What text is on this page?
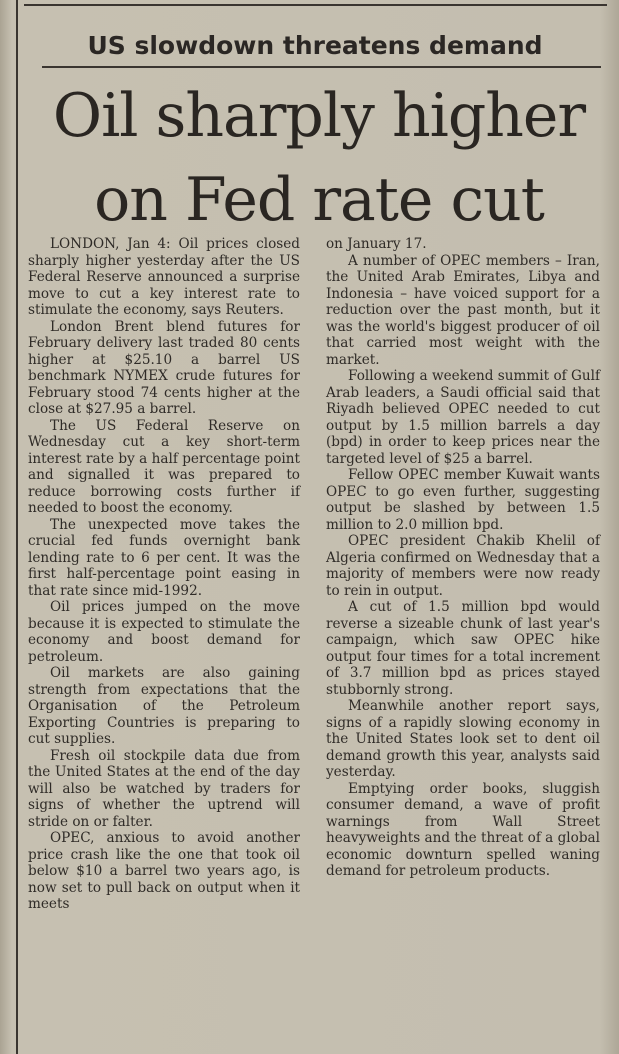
US slowdown threatens demand
Oil sharply higher
on Fed rate cut

LONDON, Jan 4: Oil prices closed sharply higher yesterday after the US Federal Reserve announced a surprise move to cut a key interest rate to stimulate the economy, says Reuters.

London Brent blend futures for February delivery last traded 80 cents higher at $25.10 a barrel US benchmark NYMEX crude futures for February stood 74 cents higher at the close at $27.95 a barrel.

The US Federal Reserve on Wednesday cut a key short-term interest rate by a half percentage point and signalled it was prepared to reduce borrowing costs further if needed to boost the economy.

The unexpected move takes the crucial fed funds overnight bank lending rate to 6 per cent. It was the first half-percentage point easing in that rate since mid-1992.

Oil prices jumped on the move because it is expected to stimulate the economy and boost demand for petroleum.

Oil markets are also gaining strength from expectations that the Organisation of the Petroleum Exporting Countries is preparing to cut supplies.

Fresh oil stockpile data due from the United States at the end of the day will also be watched by traders for signs of whether the uptrend will stride on or falter.

OPEC, anxious to avoid another price crash like the one that took oil below $10 a barrel two years ago, is now set to pull back on output when it meets

on January 17.

A number of OPEC members – Iran, the United Arab Emirates, Libya and Indonesia – have voiced support for a reduction over the past month, but it was the world's biggest producer of oil that carried most weight with the market.

Following a weekend summit of Gulf Arab leaders, a Saudi official said that Riyadh believed OPEC needed to cut output by 1.5 million barrels a day (bpd) in order to keep prices near the targeted level of $25 a barrel.

Fellow OPEC member Kuwait wants OPEC to go even further, suggesting output be slashed by between 1.5 million to 2.0 million bpd.

OPEC president Chakib Khelil of Algeria confirmed on Wednesday that a majority of members were now ready to rein in output.

A cut of 1.5 million bpd would reverse a sizeable chunk of last year's campaign, which saw OPEC hike output four times for a total increment of 3.7 million bpd as prices stayed stubbornly strong.

Meanwhile another report says, signs of a rapidly slowing economy in the United States look set to dent oil demand growth this year, analysts said yesterday.

Emptying order books, sluggish consumer demand, a wave of profit warnings from Wall Street heavyweights and the threat of a global economic downturn spelled waning demand for petroleum products.
